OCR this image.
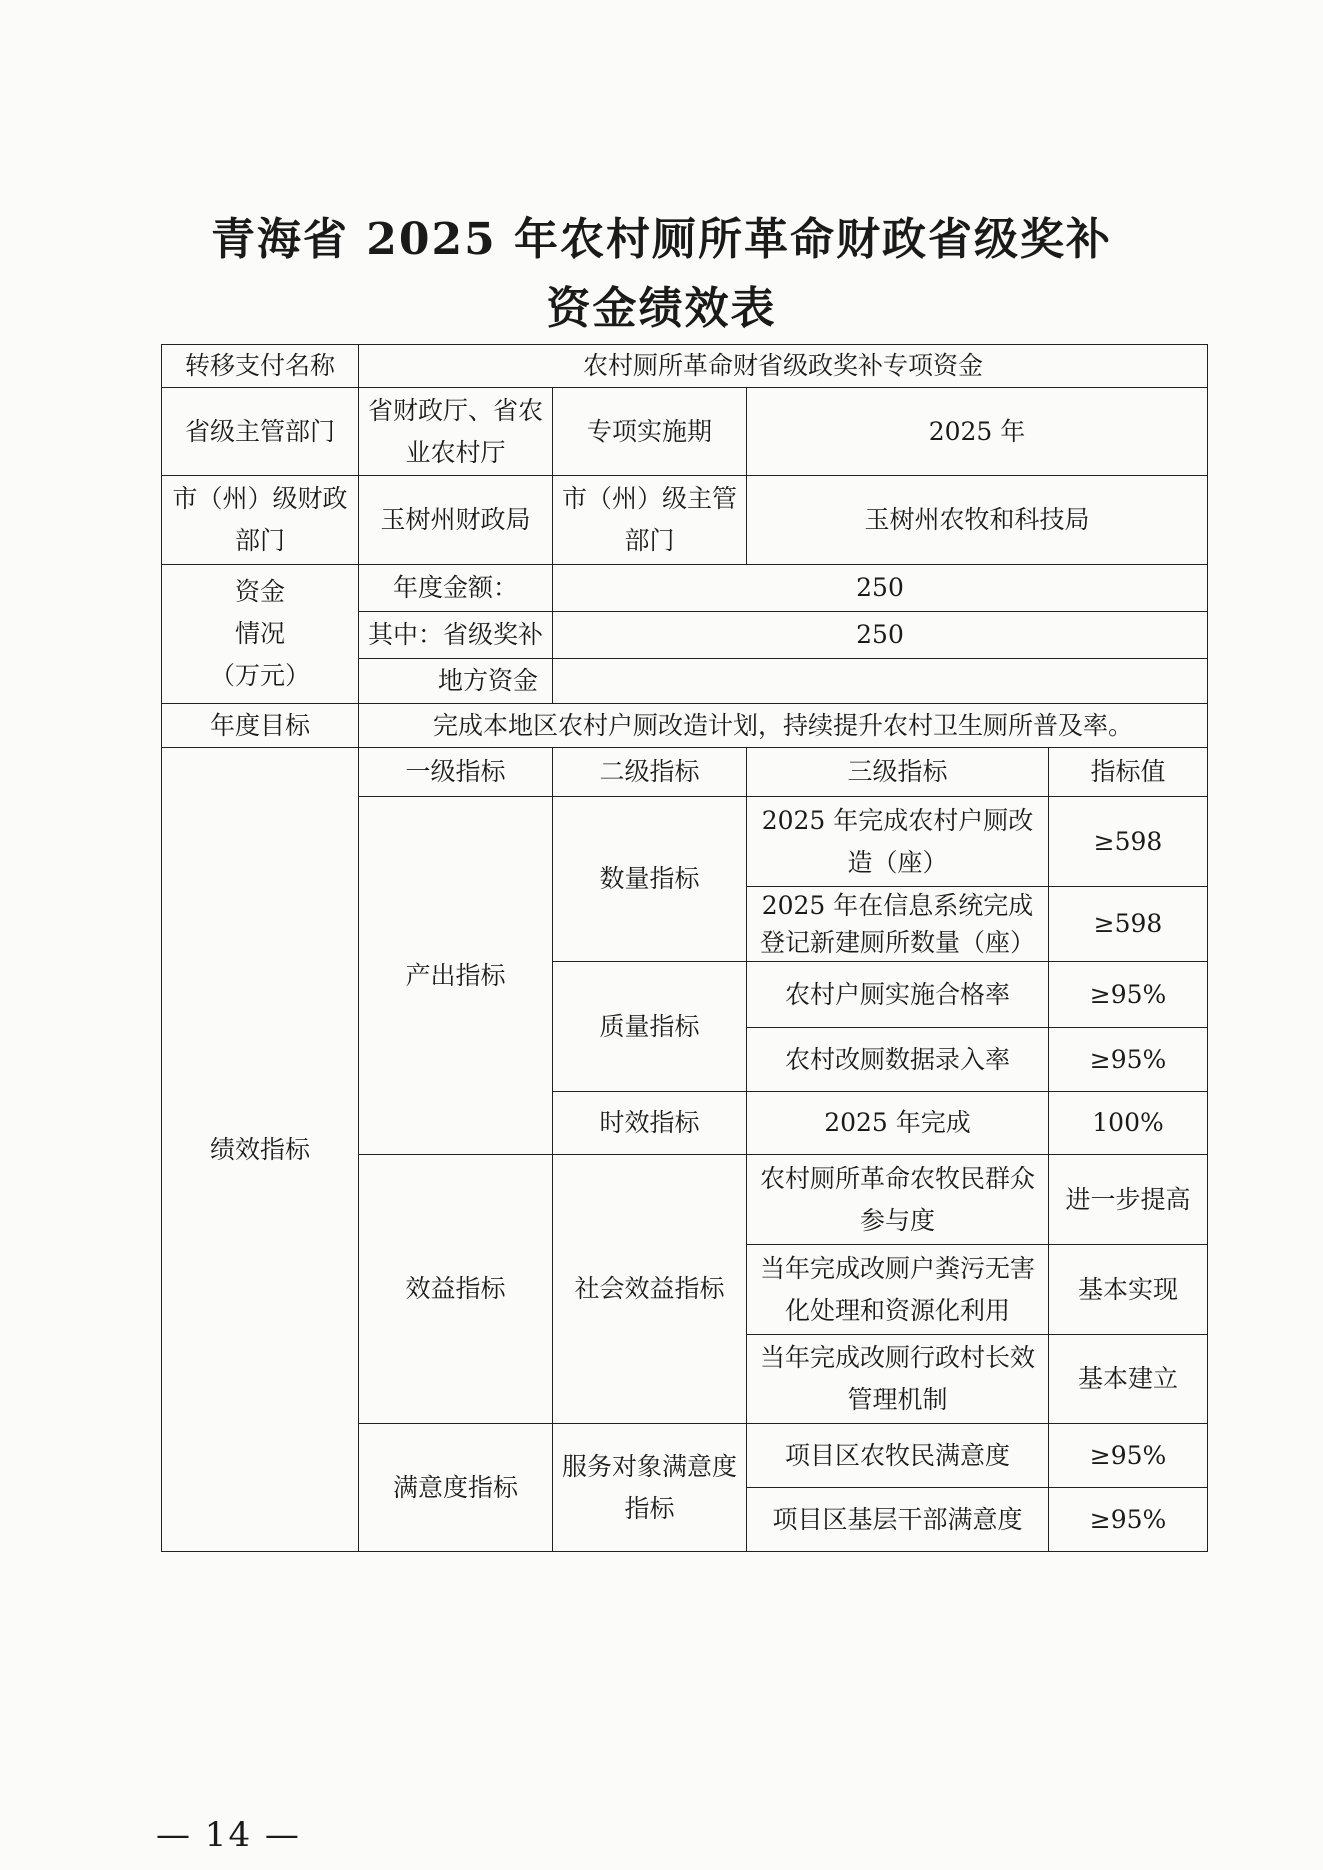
青海省 2025 年农村厕所革命财政省级奖补
资金绩效表
转移支付名称	农村厕所革命财省级政奖补专项资金			
省级主管部门	省财政厅、省农业农村厅	专项实施期	2025 年	
市（州）级财政部门	玉树州财政局	市（州）级主管部门	玉树州农牧和科技局	

资金
情况
（万元）	年度金额：	250		
	其中：省级奖补	250		
	地方资金			
年度目标	完成本地区农村户厕改造计划，持续提升农村卫生厕所普及率。			
绩效指标	一级指标	二级指标	三级指标	指标值
	产出指标	数量指标	2025 年完成农村户厕改造（座）	≥598
			2025 年在信息系统完成登记新建厕所数量（座）	≥598
		质量指标	农村户厕实施合格率	≥95%
			农村改厕数据录入率	≥95%
		时效指标	2025 年完成	100%
	效益指标	社会效益指标	农村厕所革命农牧民群众参与度	进一步提高
			当年完成改厕户粪污无害化处理和资源化利用	基本实现
			当年完成改厕行政村长效管理机制	基本建立
	满意度指标	服务对象满意度指标	项目区农牧民满意度	≥95%
			项目区基层干部满意度	≥95%
— 14 —
